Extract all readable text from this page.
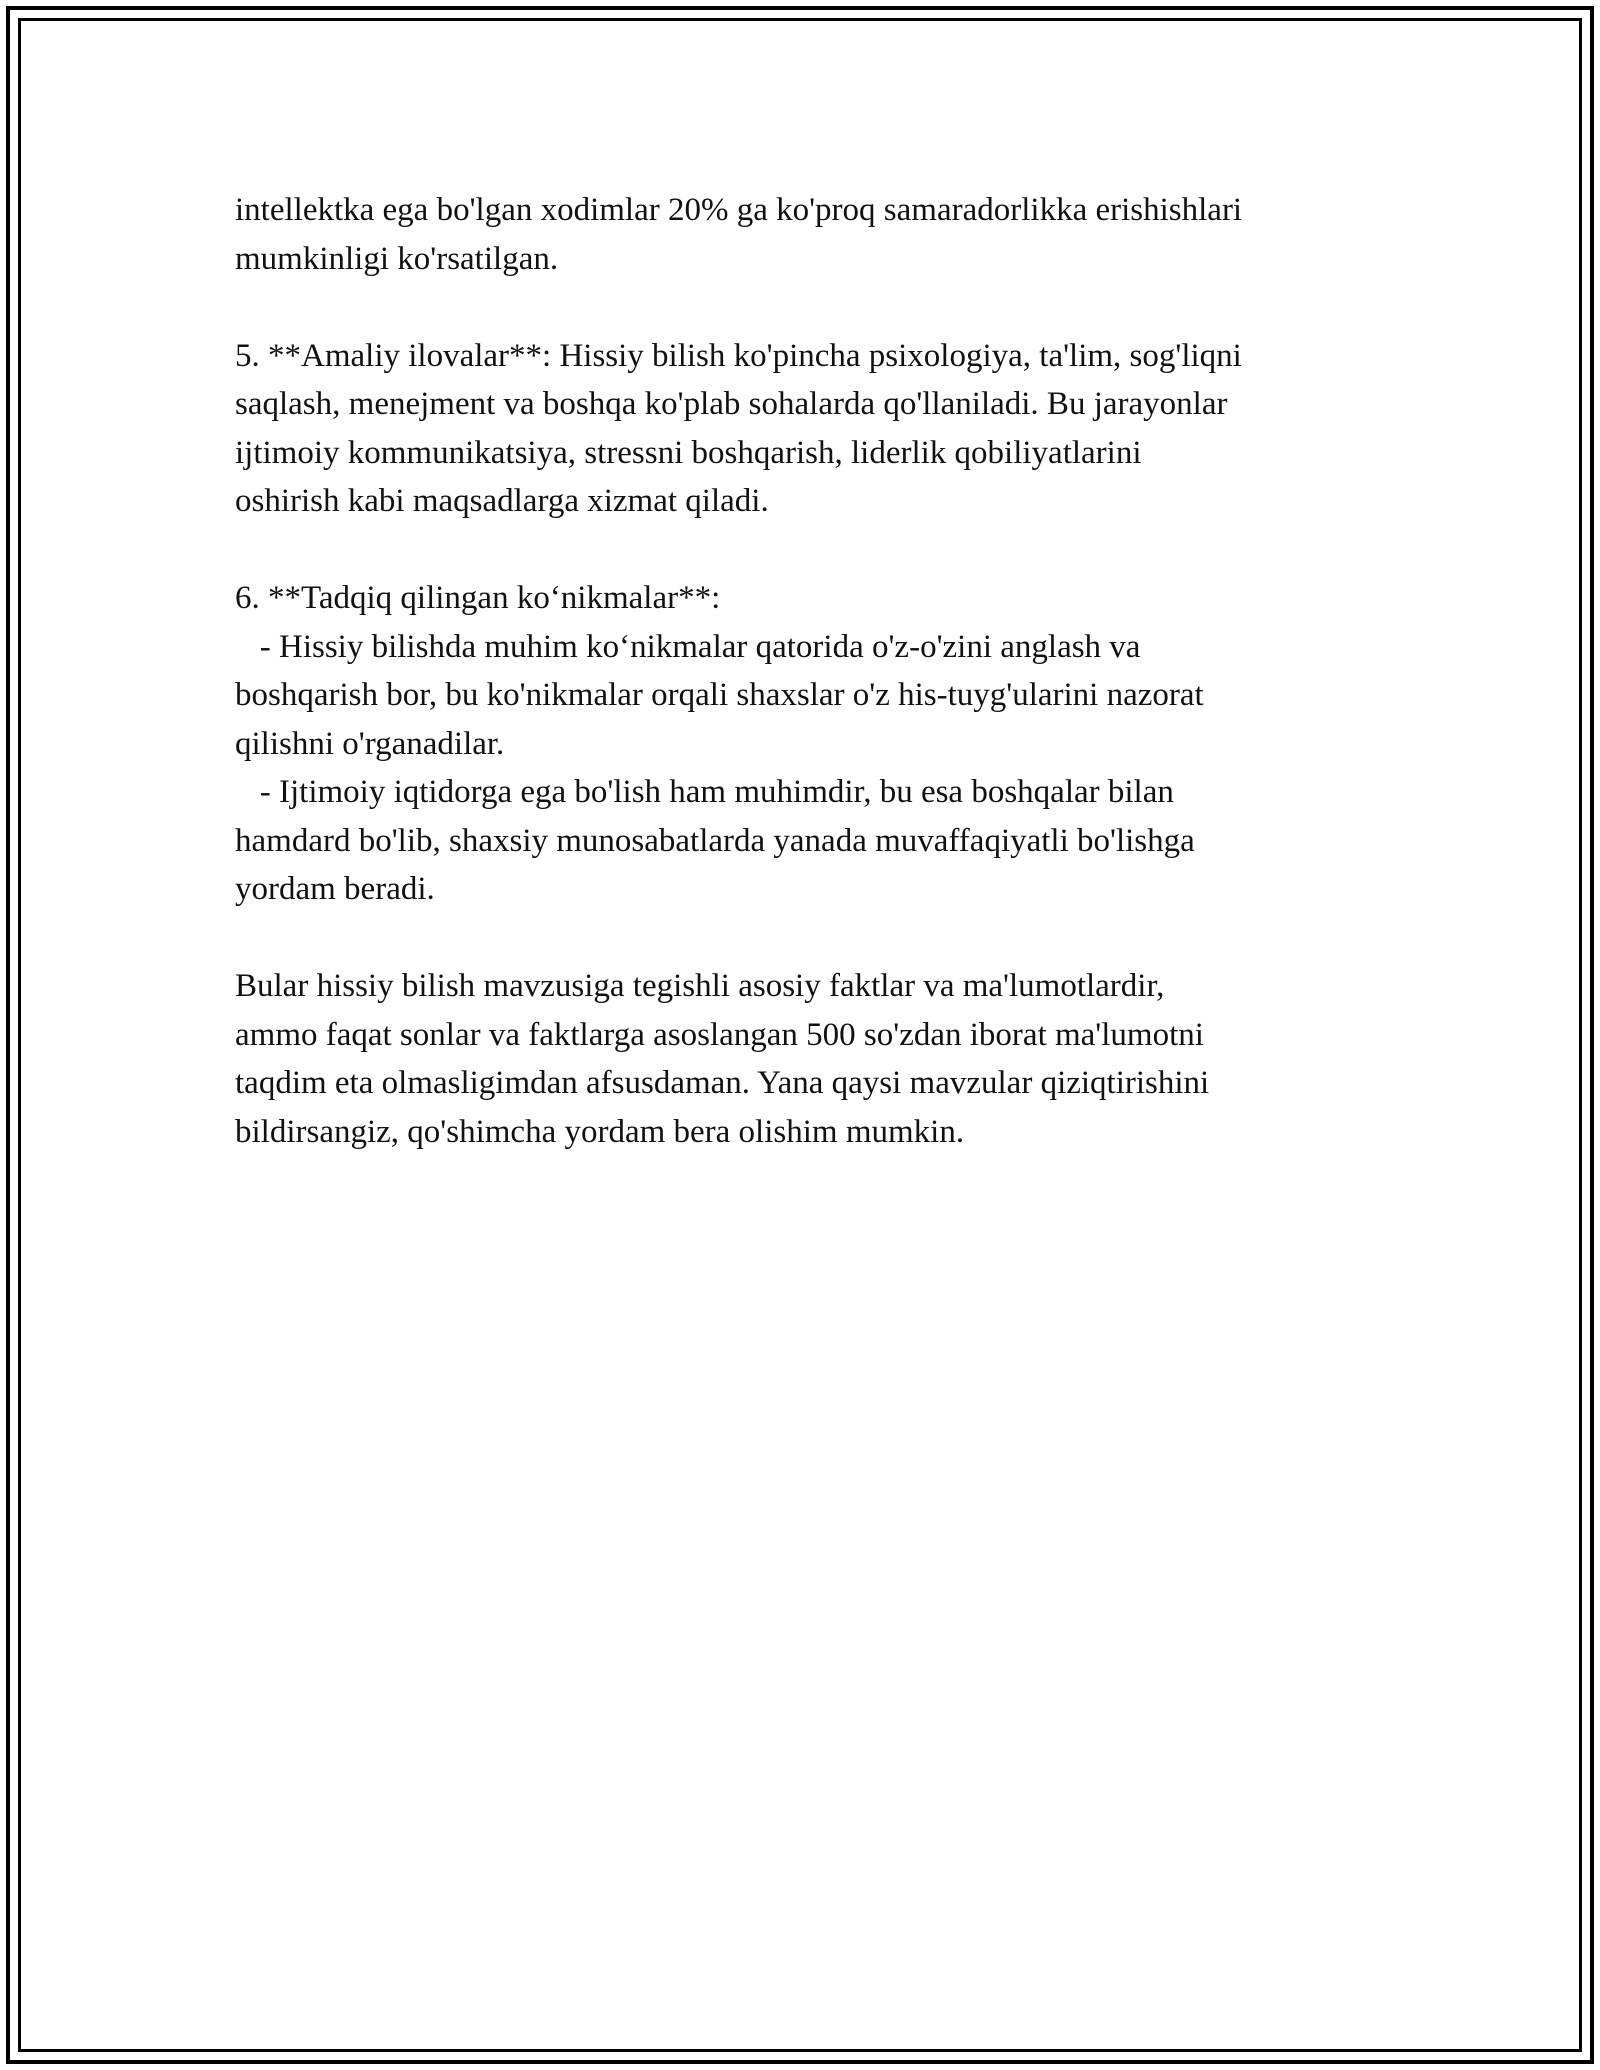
intellektka ega bo'lgan xodimlar 20% ga ko'proq samaradorlikka erishishlari
mumkinligi ko'rsatilgan.
5. **Amaliy ilovalar**: Hissiy bilish ko'pincha psixologiya, ta'lim, sog'liqni
saqlash, menejment va boshqa ko'plab sohalarda qo'llaniladi. Bu jarayonlar
ijtimoiy kommunikatsiya, stressni boshqarish, liderlik qobiliyatlarini
oshirish kabi maqsadlarga xizmat qiladi.
6. **Tadqiq qilingan ko‘nikmalar**:
- Hissiy bilishda muhim ko‘nikmalar qatorida o'z-o'zini anglash va
boshqarish bor, bu ko'nikmalar orqali shaxslar o'z his-tuyg'ularini nazorat
qilishni o'rganadilar.
- Ijtimoiy iqtidorga ega bo'lish ham muhimdir, bu esa boshqalar bilan
hamdard bo'lib, shaxsiy munosabatlarda yanada muvaffaqiyatli bo'lishga
yordam beradi.
Bular hissiy bilish mavzusiga tegishli asosiy faktlar va ma'lumotlardir,
ammo faqat sonlar va faktlarga asoslangan 500 so'zdan iborat ma'lumotni
taqdim eta olmasligimdan afsusdaman. Yana qaysi mavzular qiziqtirishini
bildirsangiz, qo'shimcha yordam bera olishim mumkin.
